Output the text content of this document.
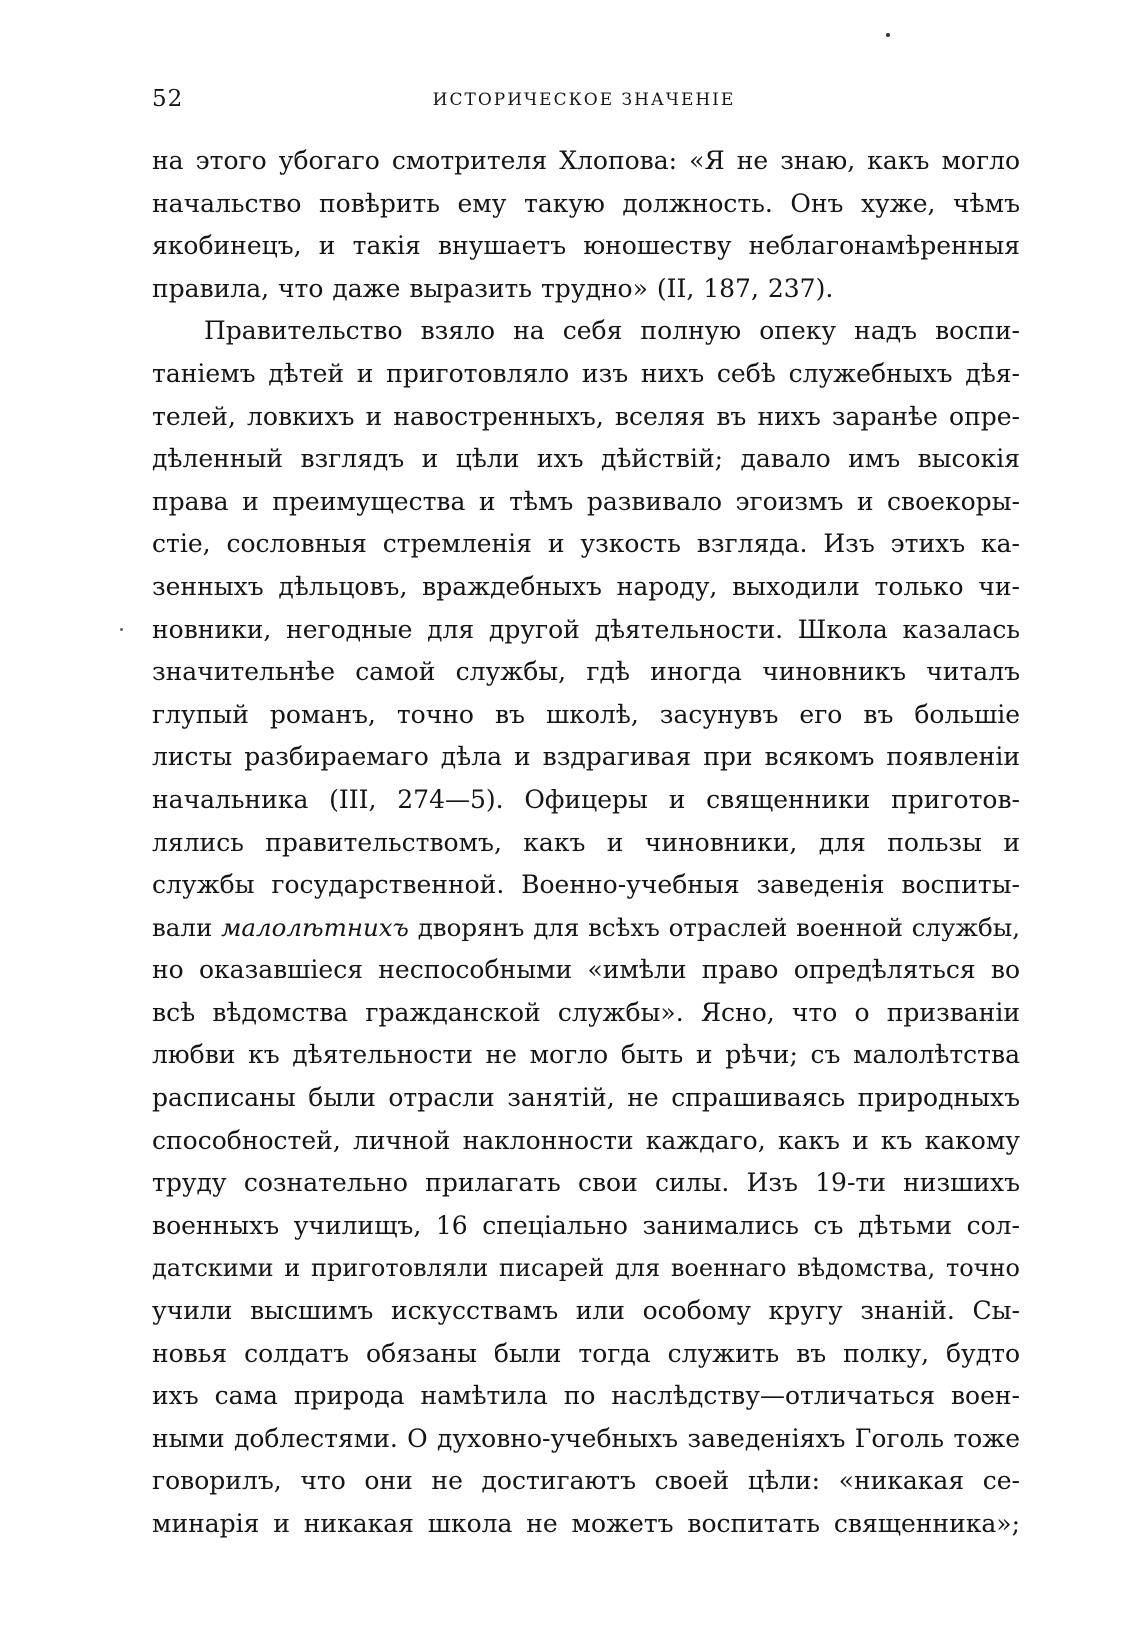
52	ИСТОРИЧЕСКОЕ ЗНАЧЕНІЕ
на этого убогаго смотрителя Хлопова: «Я не знаю, какъ могло
начальство повѣрить ему такую должность. Онъ хуже, чѣмъ
якобинецъ, и такія внушаетъ юношеству неблагонамѣренныя
правила, что даже выразить трудно» (II, 187, 237).
Правительство взяло на себя полную опеку надъ воспи-
таніемъ дѣтей и приготовляло изъ нихъ себѣ служебныхъ дѣя-
телей, ловкихъ и навостренныхъ, вселяя въ нихъ заранѣе опре-
дѣленный взглядъ и цѣли ихъ дѣйствій; давало имъ высокія
права и преимущества и тѣмъ развивало эгоизмъ и своекоры-
стіе, сословныя стремленія и узкость взгляда. Изъ этихъ ка-
зенныхъ дѣльцовъ, враждебныхъ народу, выходили только чи-
новники, негодные для другой дѣятельности. Школа казалась
значительнѣе самой службы, гдѣ иногда чиновникъ читалъ
глупый романъ, точно въ школѣ, засунувъ его въ большіе
листы разбираемаго дѣла и вздрагивая при всякомъ появленіи
начальника (III, 274—5). Офицеры и священники приготов-
лялись правительствомъ, какъ и чиновники, для пользы и
службы государственной. Военно-учебныя заведенія воспиты-
вали малолѣтнихъ дворянъ для всѣхъ отраслей военной службы,
но оказавшіеся неспособными «имѣли право опредѣляться во
всѣ вѣдомства гражданской службы». Ясно, что о призваніи
любви къ дѣятельности не могло быть и рѣчи; съ малолѣтства
расписаны были отрасли занятій, не спрашиваясь природныхъ
способностей, личной наклонности каждаго, какъ и къ какому
труду сознательно прилагать свои силы. Изъ 19-ти низшихъ
военныхъ училищъ, 16 спеціально занимались съ дѣтьми сол-
датскими и приготовляли писарей для военнаго вѣдомства, точно
учили высшимъ искусствамъ или особому кругу знаній. Сы-
новья солдатъ обязаны были тогда служить въ полку, будто
ихъ сама природа намѣтила по наслѣдству—отличаться воен-
ными доблестями. О духовно-учебныхъ заведеніяхъ Гоголь тоже
говорилъ, что они не достигаютъ своей цѣли: «никакая се-
минарія и никакая школа не можетъ воспитать священника»;
